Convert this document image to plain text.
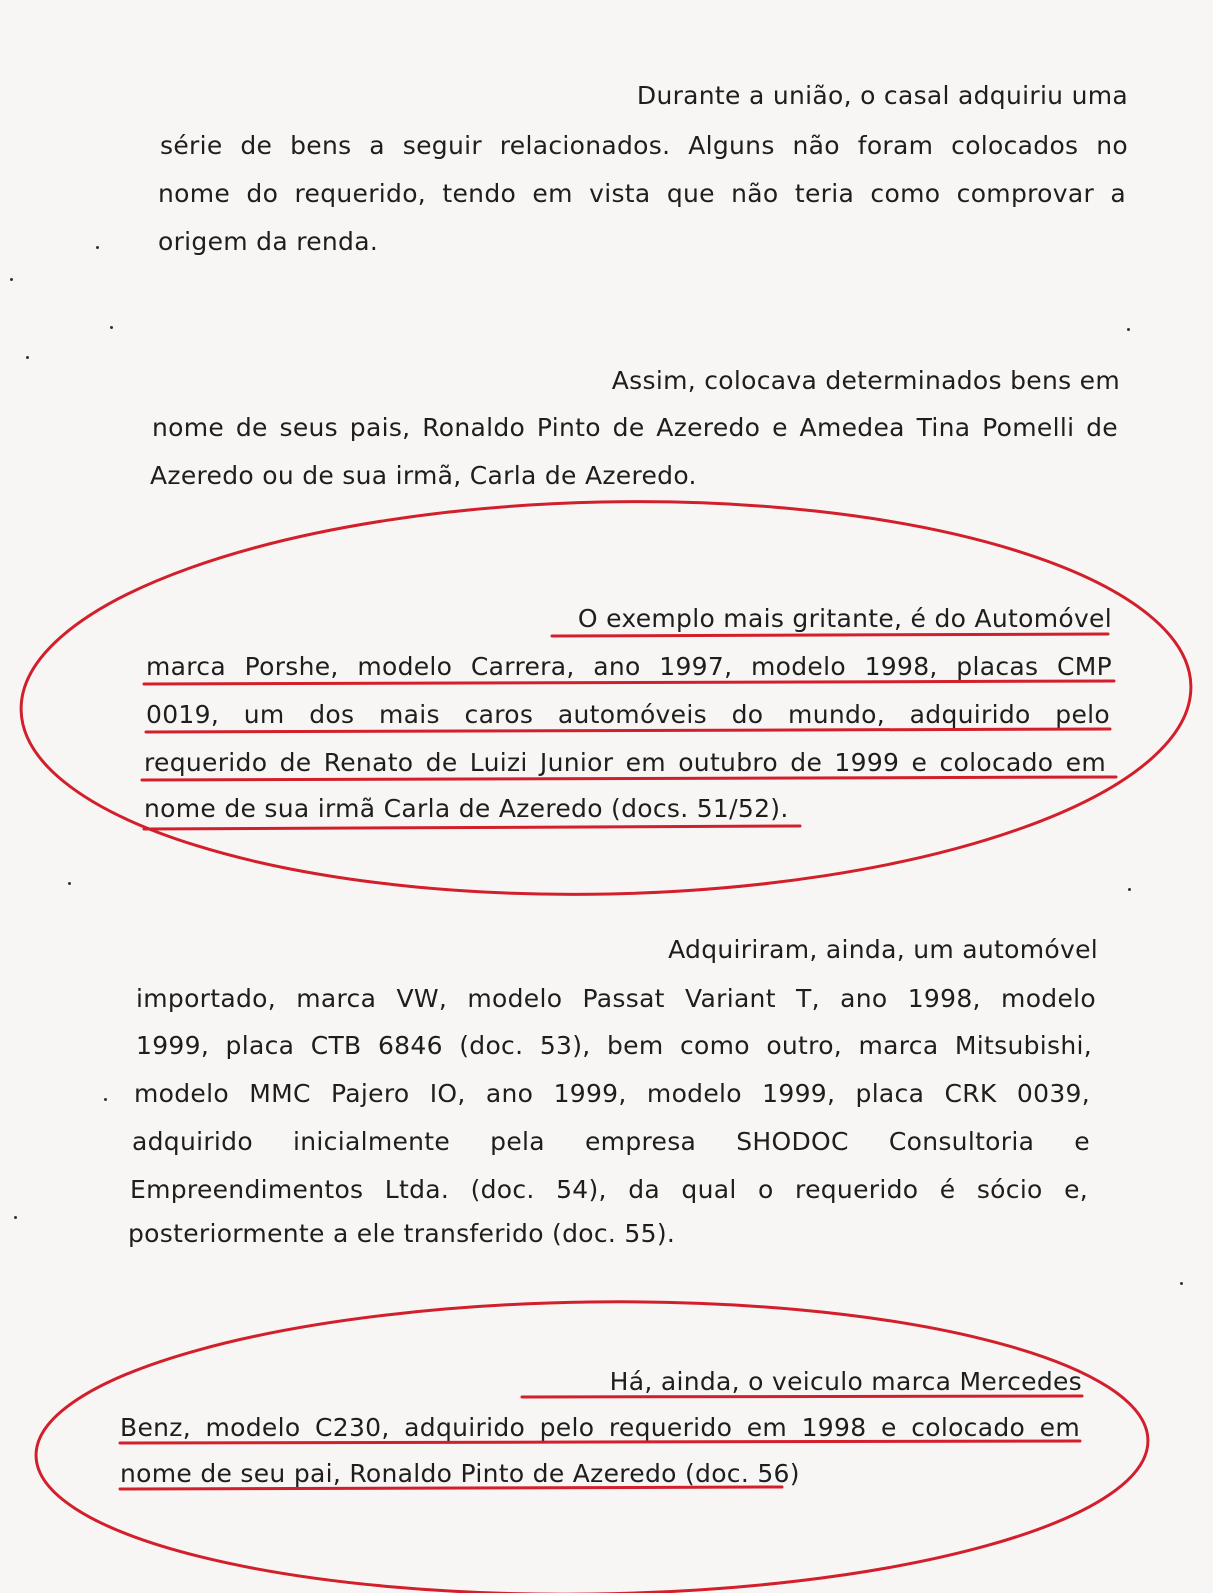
Durante a união, o casal adquiriu uma
série de bens a seguir relacionados. Alguns não foram colocados no
nome do requerido, tendo em vista que não teria como comprovar a
origem da renda.
Assim, colocava determinados bens em
nome de seus pais, Ronaldo Pinto de Azeredo e Amedea Tina Pomelli de
Azeredo ou de sua irmã, Carla de Azeredo.
O exemplo mais gritante, é do Automóvel
marca Porshe, modelo Carrera, ano 1997, modelo 1998, placas CMP
0019, um dos mais caros automóveis do mundo, adquirido pelo
requerido de Renato de Luizi Junior em outubro de 1999 e colocado em
nome de sua irmã Carla de Azeredo (docs. 51/52).
Adquiriram, ainda, um automóvel
importado, marca VW, modelo Passat Variant T, ano 1998, modelo
1999, placa CTB 6846 (doc. 53), bem como outro, marca Mitsubishi,
modelo MMC Pajero IO, ano 1999, modelo 1999, placa CRK 0039,
adquirido inicialmente pela empresa SHODOC Consultoria e
Empreendimentos Ltda. (doc. 54), da qual o requerido é sócio e,
posteriormente a ele transferido (doc. 55).
Há, ainda, o veiculo marca Mercedes
Benz, modelo C230, adquirido pelo requerido em 1998 e colocado em
nome de seu pai, Ronaldo Pinto de Azeredo (doc. 56)
